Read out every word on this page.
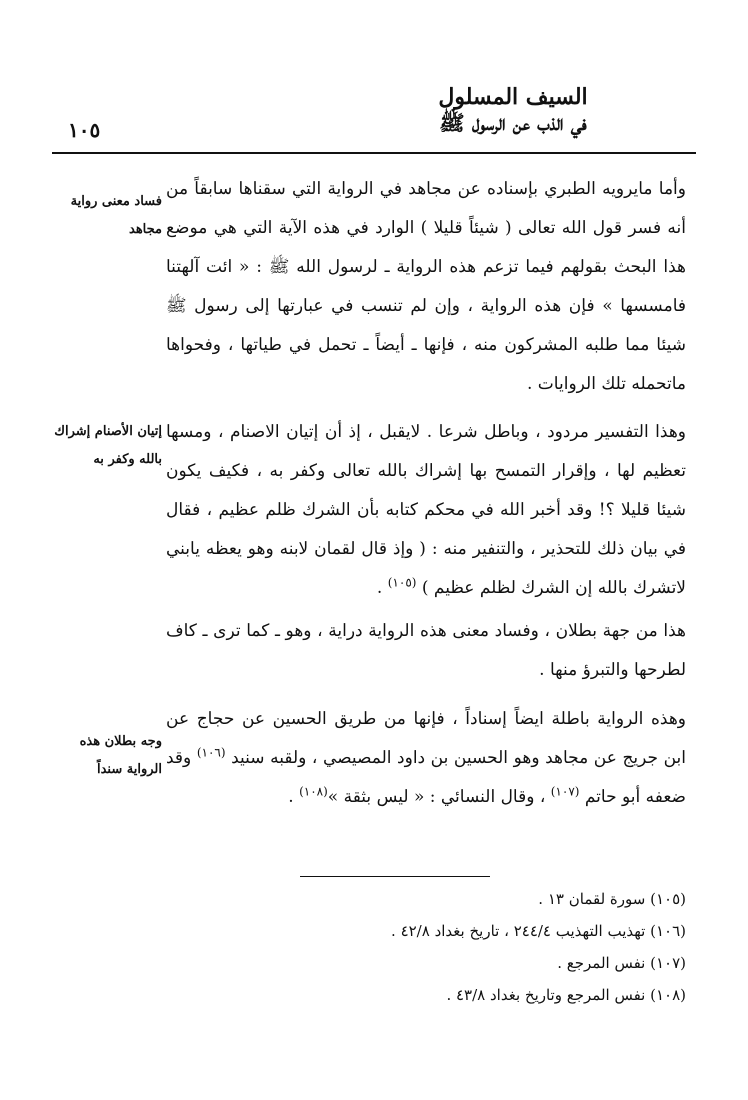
السيف المسلول
في الذب عن الرسول ﷺ
١٠٥
فساد معنى رواية مجاهد
إتيان الأصنام إشراك بالله وكفر به
وجه بطلان هذه الرواية سنداً

وأما مايرويه الطبري بإسناده عن مجاهد في الرواية التي سقناها سابقاً من أنه فسر قول الله تعالى ( شيئاً قليلا ) الوارد في هذه الآية التي هي موضع هذا البحث بقولهم فيما تزعم هذه الرواية ـ لرسول الله ﷺ : « ائت آلهتنا فامسسها » فإن هذه الرواية ، وإن لم تنسب في عبارتها إلى رسول ﷺ شيئا مما طلبه المشركون منه ، فإنها ـ أيضاً ـ تحمل في طياتها ، وفحواها ماتحمله تلك الروايات .

وهذا التفسير مردود ، وباطل شرعا . لايقبل ، إذ أن إتيان الاصنام ، ومسها تعظيم لها ، وإقرار التمسح بها إشراك بالله تعالى وكفر به ، فكيف يكون شيئا قليلا ؟! وقد أخبر الله في محكم كتابه بأن الشرك ظلم عظيم ، فقال في بيان ذلك للتحذير ، والتنفير منه : ( وإذ قال لقمان لابنه وهو يعظه يابني لاتشرك بالله إن الشرك لظلم عظيم ) $^{(١٠٥)}$ .

هذا من جهة بطلان ، وفساد معنى هذه الرواية دراية ، وهو ـ كما ترى ـ كاف لطرحها والتبرؤ منها .

وهذه الرواية باطلة ايضاً إسناداً ، فإنها من طريق الحسين عن حجاج عن ابن جريج عن مجاهد وهو الحسين بن داود المصيصي ، ولقبه سنيد $^{(١٠٦)}$ وقد ضعفه أبو حاتم $^{(١٠٧)}$ ، وقال النسائي : « ليس بثقة »$^{(١٠٨)}$ .

(١٠٥) سورة لقمان ١٣ .
(١٠٦) تهذيب التهذيب ٢٤٤/٤ ، تاريخ بغداد ٤٢/٨ .
(١٠٧) نفس المرجع .
(١٠٨) نفس المرجع وتاريخ بغداد ٤٣/٨ .
